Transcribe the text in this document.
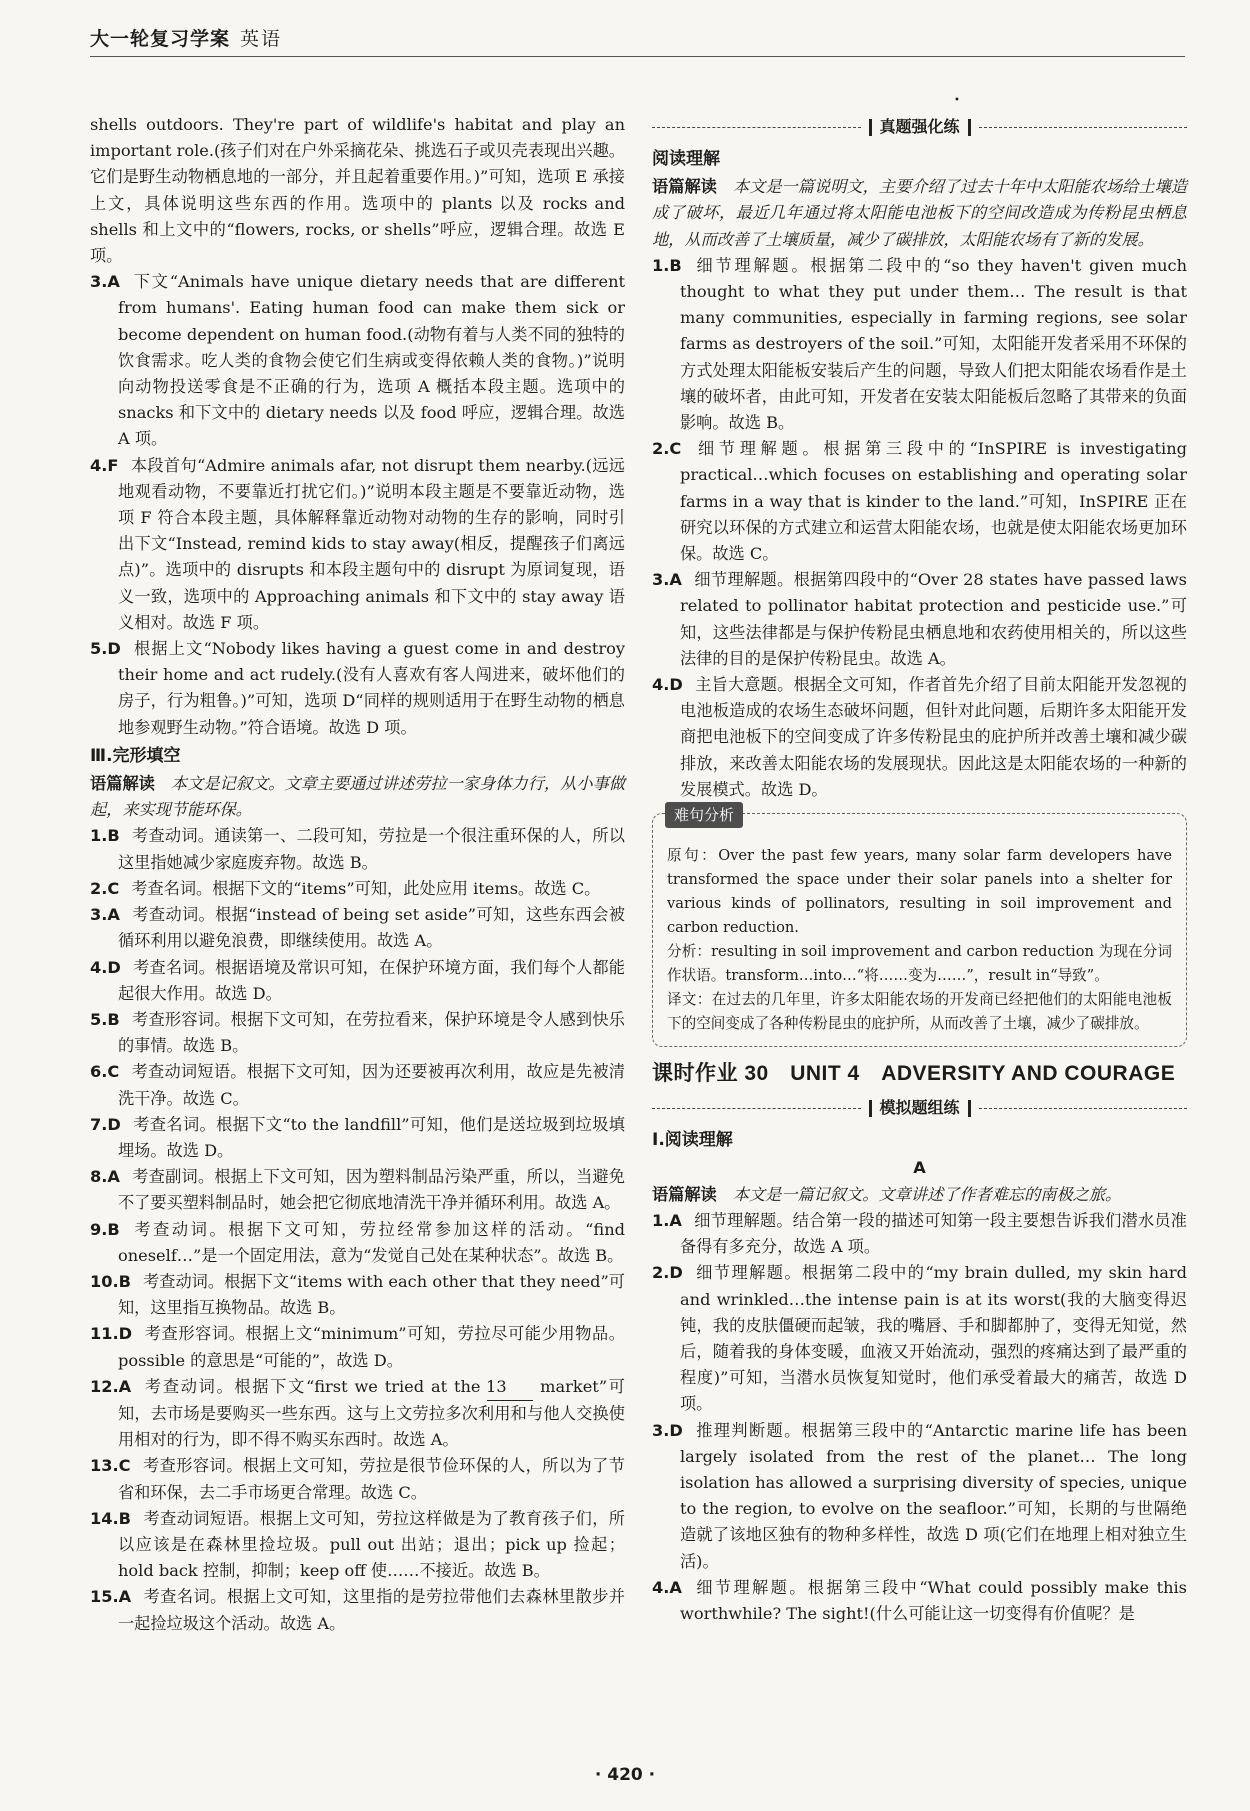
大一轮复习学案 英语
•

shells outdoors. They're part of wildlife's habitat and play an important role.(孩子们对在户外采摘花朵、挑选石子或贝壳表现出兴趣。它们是野生动物栖息地的一部分，并且起着重要作用。)”可知，选项 E 承接上文，具体说明这些东西的作用。选项中的 plants 以及 rocks and shells 和上文中的“flowers, rocks, or shells”呼应，逻辑合理。故选 E 项。

3.A 下文“Animals have unique dietary needs that are different from humans'. Eating human food can make them sick or become dependent on human food.(动物有着与人类不同的独特的饮食需求。吃人类的食物会使它们生病或变得依赖人类的食物。)”说明向动物投送零食是不正确的行为，选项 A 概括本段主题。选项中的 snacks 和下文中的 dietary needs 以及 food 呼应，逻辑合理。故选 A 项。

4.F 本段首句“Admire animals afar, not disrupt them nearby.(远远地观看动物，不要靠近打扰它们。)”说明本段主题是不要靠近动物，选项 F 符合本段主题，具体解释靠近动物对动物的生存的影响，同时引出下文“Instead, remind kids to stay away(相反，提醒孩子们离远点)”。选项中的 disrupts 和本段主题句中的 disrupt 为原词复现，语义一致，选项中的 Approaching animals 和下文中的 stay away 语义相对。故选 F 项。

5.D 根据上文“Nobody likes having a guest come in and destroy their home and act rudely.(没有人喜欢有客人闯进来，破坏他们的房子，行为粗鲁。)”可知，选项 D“同样的规则适用于在野生动物的栖息地参观野生动物。”符合语境。故选 D 项。

Ⅲ.完形填空

语篇解读 本文是记叙文。文章主要通过讲述劳拉一家身体力行，从小事做起，来实现节能环保。

1.B 考查动词。通读第一、二段可知，劳拉是一个很注重环保的人，所以这里指她减少家庭废弃物。故选 B。

2.C 考查名词。根据下文的“items”可知，此处应用 items。故选 C。

3.A 考查动词。根据“instead of being set aside”可知，这些东西会被循环利用以避免浪费，即继续使用。故选 A。

4.D 考查名词。根据语境及常识可知，在保护环境方面，我们每个人都能起很大作用。故选 D。

5.B 考查形容词。根据下文可知，在劳拉看来，保护环境是令人感到快乐的事情。故选 B。

6.C 考查动词短语。根据下文可知，因为还要被再次利用，故应是先被清洗干净。故选 C。

7.D 考查名词。根据下文“to the landfill”可知，他们是送垃圾到垃圾填埋场。故选 D。

8.A 考查副词。根据上下文可知，因为塑料制品污染严重，所以，当避免不了要买塑料制品时，她会把它彻底地清洗干净并循环利用。故选 A。

9.B 考查动词。根据下文可知，劳拉经常参加这样的活动。“find oneself…”是一个固定用法，意为“发觉自己处在某种状态”。故选 B。

10.B 考查动词。根据下文“items with each other that they need”可知，这里指互换物品。故选 B。

11.D 考查形容词。根据上文“minimum”可知，劳拉尽可能少用物品。possible 的意思是“可能的”，故选 D。

12.A 考查动词。根据下文“first we tried at the 13 market”可知，去市场是要购买一些东西。这与上文劳拉多次利用和与他人交换使用相对的行为，即不得不购买东西时。故选 A。

13.C 考查形容词。根据上文可知，劳拉是很节俭环保的人，所以为了节省和环保，去二手市场更合常理。故选 C。

14.B 考查动词短语。根据上文可知，劳拉这样做是为了教育孩子们，所以应该是在森林里捡垃圾。pull out 出站；退出；pick up 捡起；hold back 控制，抑制；keep off 使……不接近。故选 B。

15.A 考查名词。根据上文可知，这里指的是劳拉带他们去森林里散步并一起捡垃圾这个活动。故选 A。

真题强化练
阅读理解

语篇解读 本文是一篇说明文，主要介绍了过去十年中太阳能农场给土壤造成了破坏，最近几年通过将太阳能电池板下的空间改造成为传粉昆虫栖息地，从而改善了土壤质量，减少了碳排放，太阳能农场有了新的发展。

1.B 细节理解题。根据第二段中的“so they haven't given much thought to what they put under them… The result is that many communities, especially in farming regions, see solar farms as destroyers of the soil.”可知，太阳能开发者采用不环保的方式处理太阳能板安装后产生的问题，导致人们把太阳能农场看作是土壤的破坏者，由此可知，开发者在安装太阳能板后忽略了其带来的负面影响。故选 B。

2.C 细节理解题。根据第三段中的“InSPIRE is investigating practical…which focuses on establishing and operating solar farms in a way that is kinder to the land.”可知，InSPIRE 正在研究以环保的方式建立和运营太阳能农场，也就是使太阳能农场更加环保。故选 C。

3.A 细节理解题。根据第四段中的“Over 28 states have passed laws related to pollinator habitat protection and pesticide use.”可知，这些法律都是与保护传粉昆虫栖息地和农药使用相关的，所以这些法律的目的是保护传粉昆虫。故选 A。

4.D 主旨大意题。根据全文可知，作者首先介绍了目前太阳能开发忽视的电池板造成的农场生态破坏问题，但针对此问题，后期许多太阳能开发商把电池板下的空间变成了许多传粉昆虫的庇护所并改善土壤和减少碳排放，来改善太阳能农场的发展现状。因此这是太阳能农场的一种新的发展模式。故选 D。

难句分析

原句：Over the past few years, many solar farm developers have transformed the space under their solar panels into a shelter for various kinds of pollinators, resulting in soil improvement and carbon reduction.

分析：resulting in soil improvement and carbon reduction 为现在分词作状语。transform…into…“将……变为……”，result in“导致”。

译文：在过去的几年里，许多太阳能农场的开发商已经把他们的太阳能电池板下的空间变成了各种传粉昆虫的庇护所，从而改善了土壤，减少了碳排放。

课时作业 30　UNIT 4　ADVERSITY AND COURAGE
模拟题组练
Ⅰ.阅读理解
A

语篇解读 本文是一篇记叙文。文章讲述了作者难忘的南极之旅。

1.A 细节理解题。结合第一段的描述可知第一段主要想告诉我们潜水员准备得有多充分，故选 A 项。

2.D 细节理解题。根据第二段中的“my brain dulled, my skin hard and wrinkled…the intense pain is at its worst(我的大脑变得迟钝，我的皮肤僵硬而起皱，我的嘴唇、手和脚都肿了，变得无知觉，然后，随着我的身体变暖，血液又开始流动，强烈的疼痛达到了最严重的程度)”可知，当潜水员恢复知觉时，他们承受着最大的痛苦，故选 D 项。

3.D 推理判断题。根据第三段中的“Antarctic marine life has been largely isolated from the rest of the planet… The long isolation has allowed a surprising diversity of species, unique to the region, to evolve on the seafloor.”可知，长期的与世隔绝造就了该地区独有的物种多样性，故选 D 项(它们在地理上相对独立生活)。

4.A 细节理解题。根据第三段中“What could possibly make this worthwhile? The sight!(什么可能让这一切变得有价值呢？是

· 420 ·
